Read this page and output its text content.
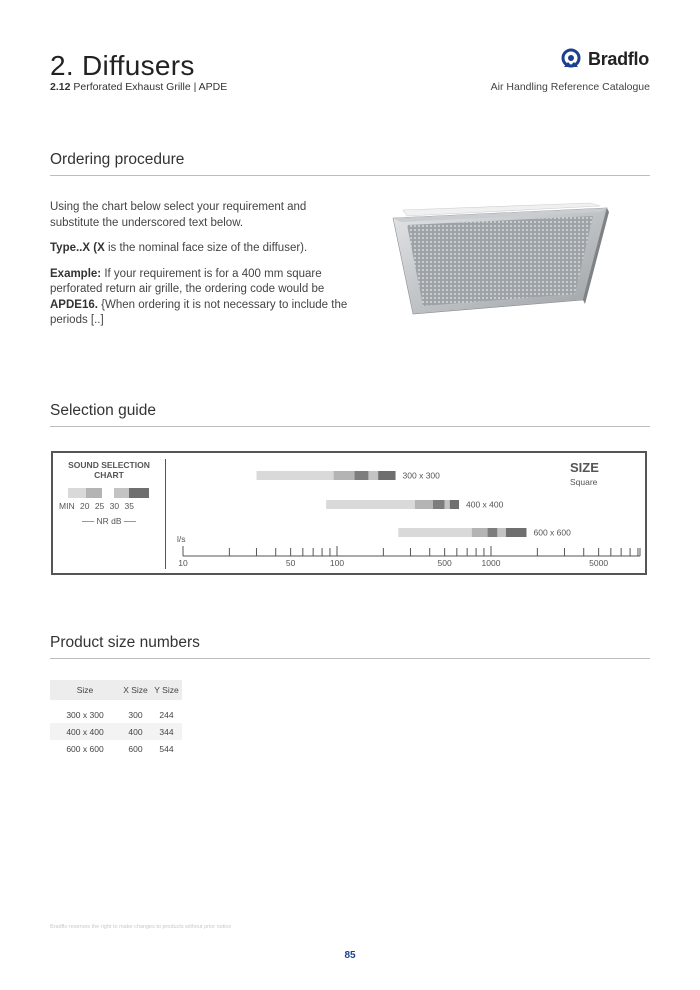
2. Diffusers
2.12 Perforated Exhaust Grille | APDE
Bradflo
Air Handling Reference Catalogue
Ordering procedure

Using the chart below select your requirement and substitute the underscored text below.

Type..X (X is the nominal face size of the diffuser).

Example: If your requirement is for a 400 mm square perforated return air grille, the ordering code would be APDE16. {When ordering it is not necessary to include the periods [..]

Selection guide
SOUND SELECTION CHART
MIN 20 25 30 35
── NR dB ──
SIZE
Square
l/s
300 x 300
400 x 400
600 x 600
10	50	100	500	1000	5000
Product size numbers
Size	X Size	Y Size

300 x 300	300	244
400 x 400	400	344
600 x 600	600	544
Bradflo reserves the right to make changes to products without prior notice
85
